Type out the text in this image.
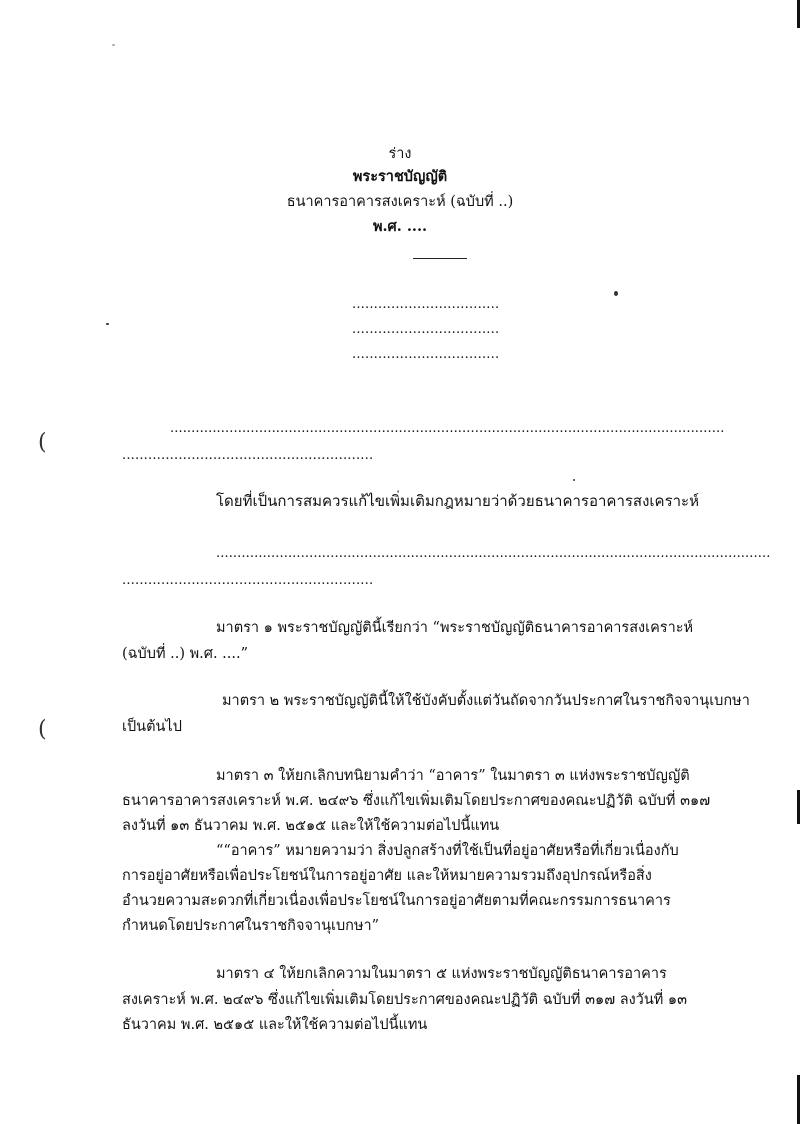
ร่าง
พระราชบัญญัติ
ธนาคารอาคารสงเคราะห์ (ฉบับที่ ..)
พ.ศ. ....
..................................
..................................
..................................
...................................................................................................................................
..........................................................
โดยที่เป็นการสมควรแก้ไขเพิ่มเติมกฎหมายว่าด้วยธนาคารอาคารสงเคราะห์
...................................................................................................................................
..........................................................
มาตรา ๑ พระราชบัญญัตินี้เรียกว่า “พระราชบัญญัติธนาคารอาคารสงเคราะห์
(ฉบับที่ ..) พ.ศ. ....”
มาตรา ๒ พระราชบัญญัตินี้ให้ใช้บังคับตั้งแต่วันถัดจากวันประกาศในราชกิจจานุเบกษา
เป็นต้นไป
มาตรา ๓ ให้ยกเลิกบทนิยามคำว่า “อาคาร” ในมาตรา ๓ แห่งพระราชบัญญัติ
ธนาคารอาคารสงเคราะห์ พ.ศ. ๒๔๙๖ ซึ่งแก้ไขเพิ่มเติมโดยประกาศของคณะปฏิวัติ ฉบับที่ ๓๑๗
ลงวันที่ ๑๓ ธันวาคม พ.ศ. ๒๕๑๕ และให้ใช้ความต่อไปนี้แทน
““อาคาร” หมายความว่า สิ่งปลูกสร้างที่ใช้เป็นที่อยู่อาศัยหรือที่เกี่ยวเนื่องกับ
การอยู่อาศัยหรือเพื่อประโยชน์ในการอยู่อาศัย และให้หมายความรวมถึงอุปกรณ์หรือสิ่ง
อำนวยความสะดวกที่เกี่ยวเนื่องเพื่อประโยชน์ในการอยู่อาศัยตามที่คณะกรรมการธนาคาร
กำหนดโดยประกาศในราชกิจจานุเบกษา”
มาตรา ๔ ให้ยกเลิกความในมาตรา ๕ แห่งพระราชบัญญัติธนาคารอาคาร
สงเคราะห์ พ.ศ. ๒๔๙๖ ซึ่งแก้ไขเพิ่มเติมโดยประกาศของคณะปฏิวัติ ฉบับที่ ๓๑๗ ลงวันที่ ๑๓
ธันวาคม พ.ศ. ๒๕๑๕ และให้ใช้ความต่อไปนี้แทน
(
(
